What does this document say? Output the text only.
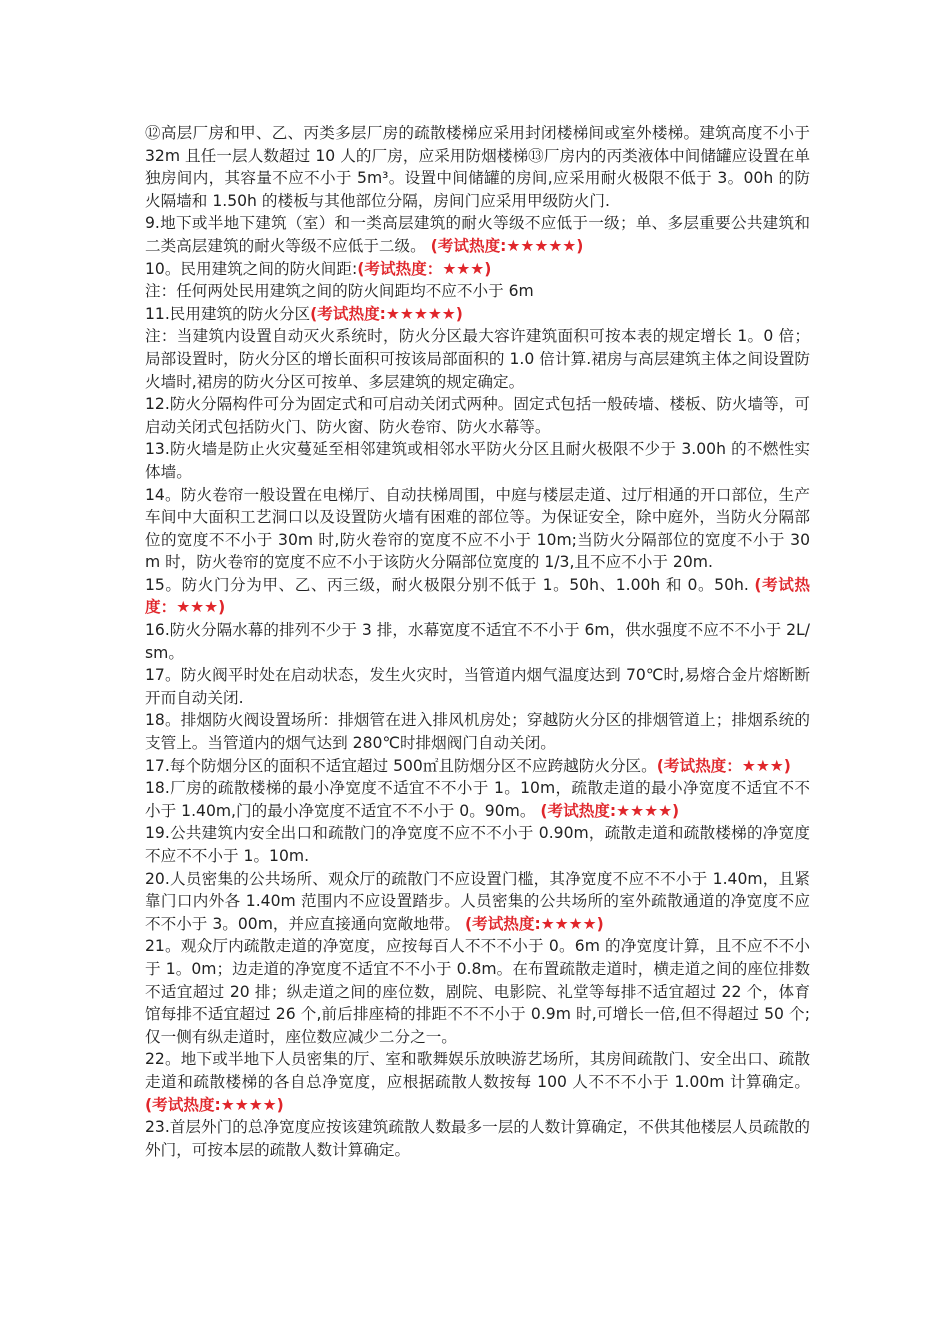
⑫高层厂房和甲、乙、丙类多层厂房的疏散楼梯应采用封闭楼梯间或室外楼梯。建筑高度不小于 32m 且任一层人数超过 10 人的厂房，应采用防烟楼梯⑬厂房内的丙类液体中间储罐应设置在单独房间内，其容量不应不小于 5m³。设置中间储罐的房间,应采用耐火极限不低于 3。00h 的防火隔墙和 1.50h 的楼板与其他部位分隔，房间门应采用甲级防火门.

9.地下或半地下建筑（室）和一类高层建筑的耐火等级不应低于一级；单、多层重要公共建筑和二类高层建筑的耐火等级不应低于二级。 (考试热度:★★★★★)

10。民用建筑之间的防火间距:(考试热度：★★★)

注：任何两处民用建筑之间的防火间距均不应不小于 6m

11.民用建筑的防火分区(考试热度:★★★★★)

注：当建筑内设置自动灭火系统时，防火分区最大容许建筑面积可按本表的规定增长 1。0 倍；局部设置时，防火分区的增长面积可按该局部面积的 1.0 倍计算.裙房与高层建筑主体之间设置防火墙时,裙房的防火分区可按单、多层建筑的规定确定。

12.防火分隔构件可分为固定式和可启动关闭式两种。固定式包括一般砖墙、楼板、防火墙等，可启动关闭式包括防火门、防火窗、防火卷帘、防火水幕等。

13.防火墙是防止火灾蔓延至相邻建筑或相邻水平防火分区且耐火极限不少于 3.00h 的不燃性实体墙。

14。防火卷帘一般设置在电梯厅、自动扶梯周围，中庭与楼层走道、过厅相通的开口部位，生产车间中大面积工艺洞口以及设置防火墙有困难的部位等。为保证安全，除中庭外，当防火分隔部位的宽度不不小于 30m 时,防火卷帘的宽度不应不小于 10m;当防火分隔部位的宽度不小于 30m 时，防火卷帘的宽度不应不小于该防火分隔部位宽度的 1/3,且不应不小于 20m.

15。防火门分为甲、乙、丙三级，耐火极限分别不低于 1。50h、1.00h 和 0。50h. (考试热度：★★★)

16.防火分隔水幕的排列不少于 3 排，水幕宽度不适宜不不小于 6m，供水强度不应不不小于 2L/sm。

17。防火阀平时处在启动状态，发生火灾时，当管道内烟气温度达到 70℃时,易熔合金片熔断断开而自动关闭.

18。排烟防火阀设置场所：排烟管在进入排风机房处；穿越防火分区的排烟管道上；排烟系统的支管上。当管道内的烟气达到 280℃时排烟阀门自动关闭。

17.每个防烟分区的面积不适宜超过 500㎡且防烟分区不应跨越防火分区。(考试热度：★★★)

18.厂房的疏散楼梯的最小净宽度不适宜不不小于 1。10m，疏散走道的最小净宽度不适宜不不小于 1.40m,门的最小净宽度不适宜不不小于 0。90m。 (考试热度:★★★★)

19.公共建筑内安全出口和疏散门的净宽度不应不不小于 0.90m，疏散走道和疏散楼梯的净宽度不应不不小于 1。10m.

20.人员密集的公共场所、观众厅的疏散门不应设置门槛，其净宽度不应不不小于 1.40m，且紧靠门口内外各 1.40m 范围内不应设置踏步。人员密集的公共场所的室外疏散通道的净宽度不应不不小于 3。00m，并应直接通向宽敞地带。 (考试热度:★★★★)

21。观众厅内疏散走道的净宽度，应按每百人不不不小于 0。6m 的净宽度计算，且不应不不小于 1。0m；边走道的净宽度不适宜不不小于 0.8m。在布置疏散走道时，横走道之间的座位排数不适宜超过 20 排；纵走道之间的座位数，剧院、电影院、礼堂等每排不适宜超过 22 个，体育馆每排不适宜超过 26 个,前后排座椅的排距不不不小于 0.9m 时,可增长一倍,但不得超过 50 个;仅一侧有纵走道时，座位数应减少二分之一。

22。地下或半地下人员密集的厅、室和歌舞娱乐放映游艺场所，其房间疏散门、安全出口、疏散走道和疏散楼梯的各自总净宽度，应根据疏散人数按每 100 人不不不小于 1.00m 计算确定。 (考试热度:★★★★)

23.首层外门的总净宽度应按该建筑疏散人数最多一层的人数计算确定，不供其他楼层人员疏散的外门，可按本层的疏散人数计算确定。
